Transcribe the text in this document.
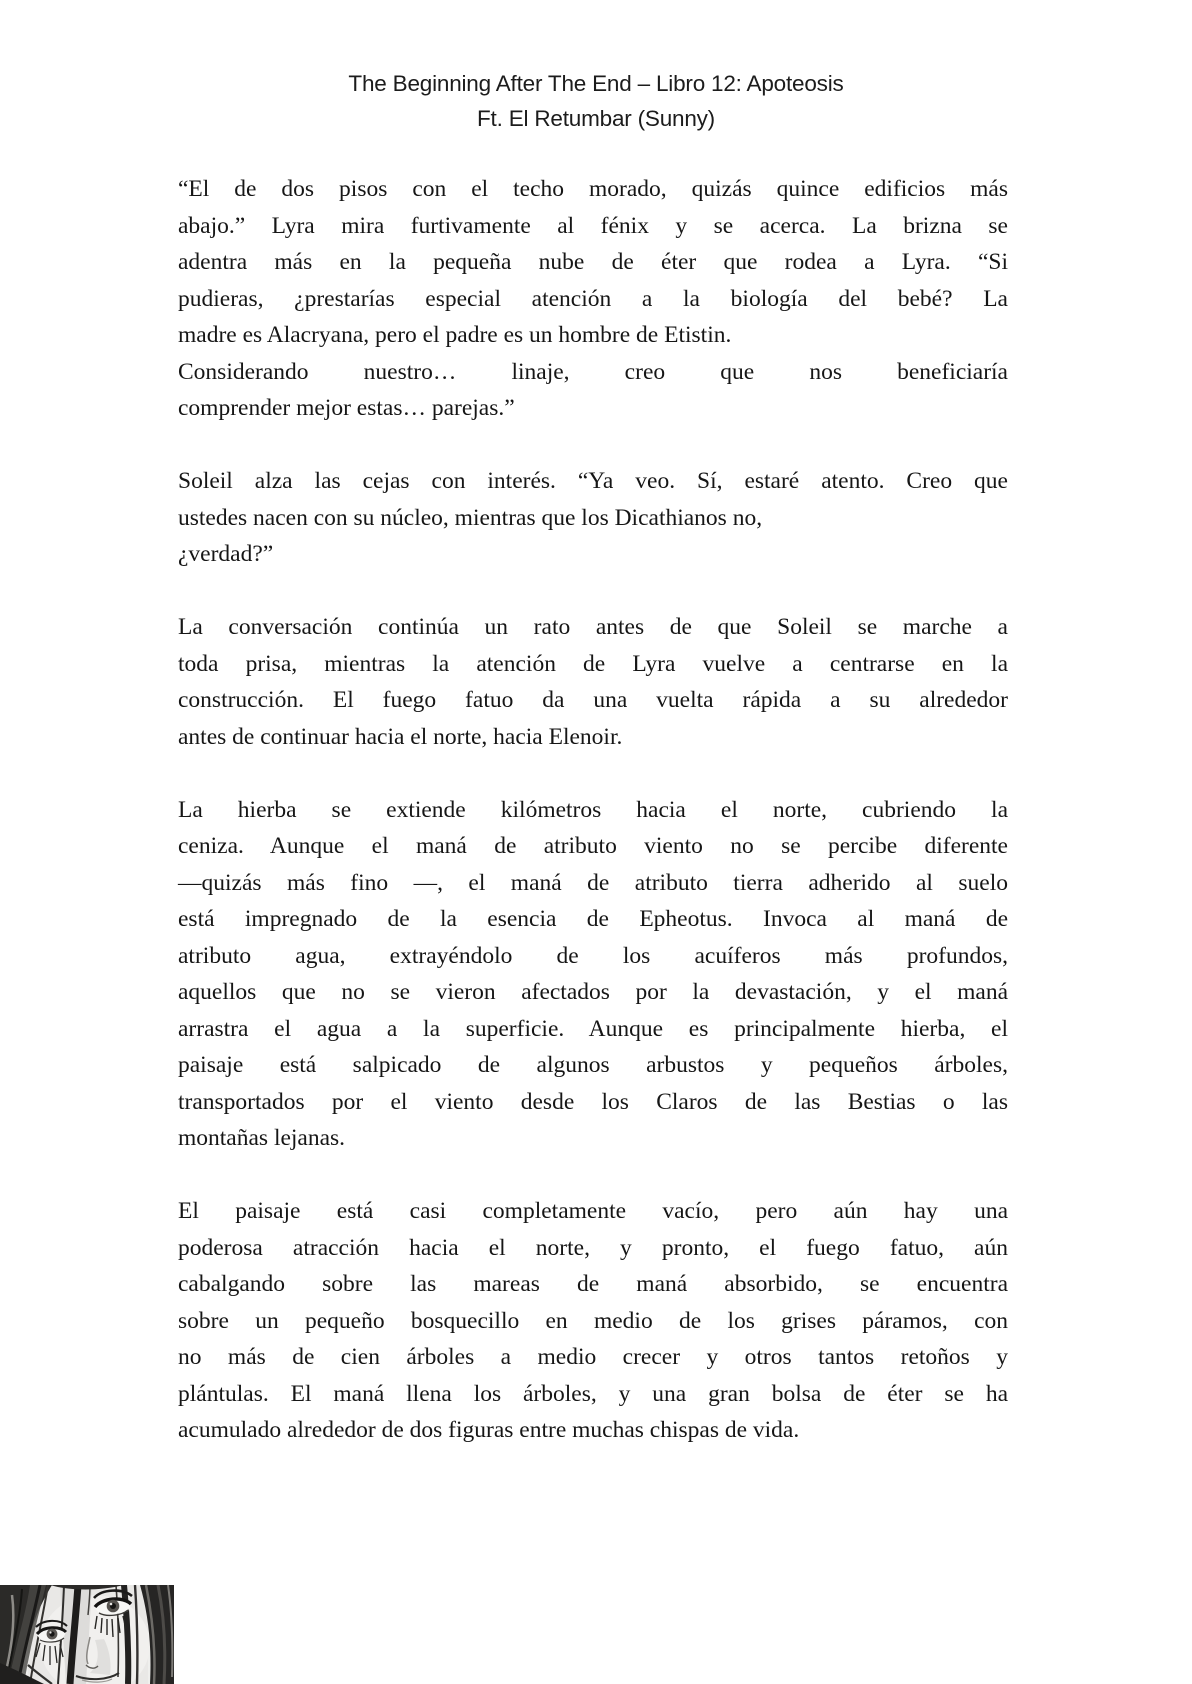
The Beginning After The End – Libro 12: Apoteosis
Ft. El Retumbar (Sunny)
“El de dos pisos con el techo morado, quizás quince edificios más
abajo.” Lyra mira furtivamente al fénix y se acerca. La brizna se
adentra más en la pequeña nube de éter que rodea a Lyra. “Si
pudieras, ¿prestarías especial atención a la biología del bebé? La
madre es Alacryana, pero el padre es un hombre de Etistin.
Considerando nuestro… linaje, creo que nos beneficiaría
comprender mejor estas… parejas.”
Soleil alza las cejas con interés. “Ya veo. Sí, estaré atento. Creo que
ustedes nacen con su núcleo, mientras que los Dicathianos no,
¿verdad?”
La conversación continúa un rato antes de que Soleil se marche a
toda prisa, mientras la atención de Lyra vuelve a centrarse en la
construcción. El fuego fatuo da una vuelta rápida a su alrededor
antes de continuar hacia el norte, hacia Elenoir.
La hierba se extiende kilómetros hacia el norte, cubriendo la
ceniza. Aunque el maná de atributo viento no se percibe diferente
—quizás más fino —, el maná de atributo tierra adherido al suelo
está impregnado de la esencia de Epheotus. Invoca al maná de
atributo agua, extrayéndolo de los acuíferos más profundos,
aquellos que no se vieron afectados por la devastación, y el maná
arrastra el agua a la superficie. Aunque es principalmente hierba, el
paisaje está salpicado de algunos arbustos y pequeños árboles,
transportados por el viento desde los Claros de las Bestias o las
montañas lejanas.
El paisaje está casi completamente vacío, pero aún hay una
poderosa atracción hacia el norte, y pronto, el fuego fatuo, aún
cabalgando sobre las mareas de maná absorbido, se encuentra
sobre un pequeño bosquecillo en medio de los grises páramos, con
no más de cien árboles a medio crecer y otros tantos retoños y
plántulas. El maná llena los árboles, y una gran bolsa de éter se ha
acumulado alrededor de dos figuras entre muchas chispas de vida.
